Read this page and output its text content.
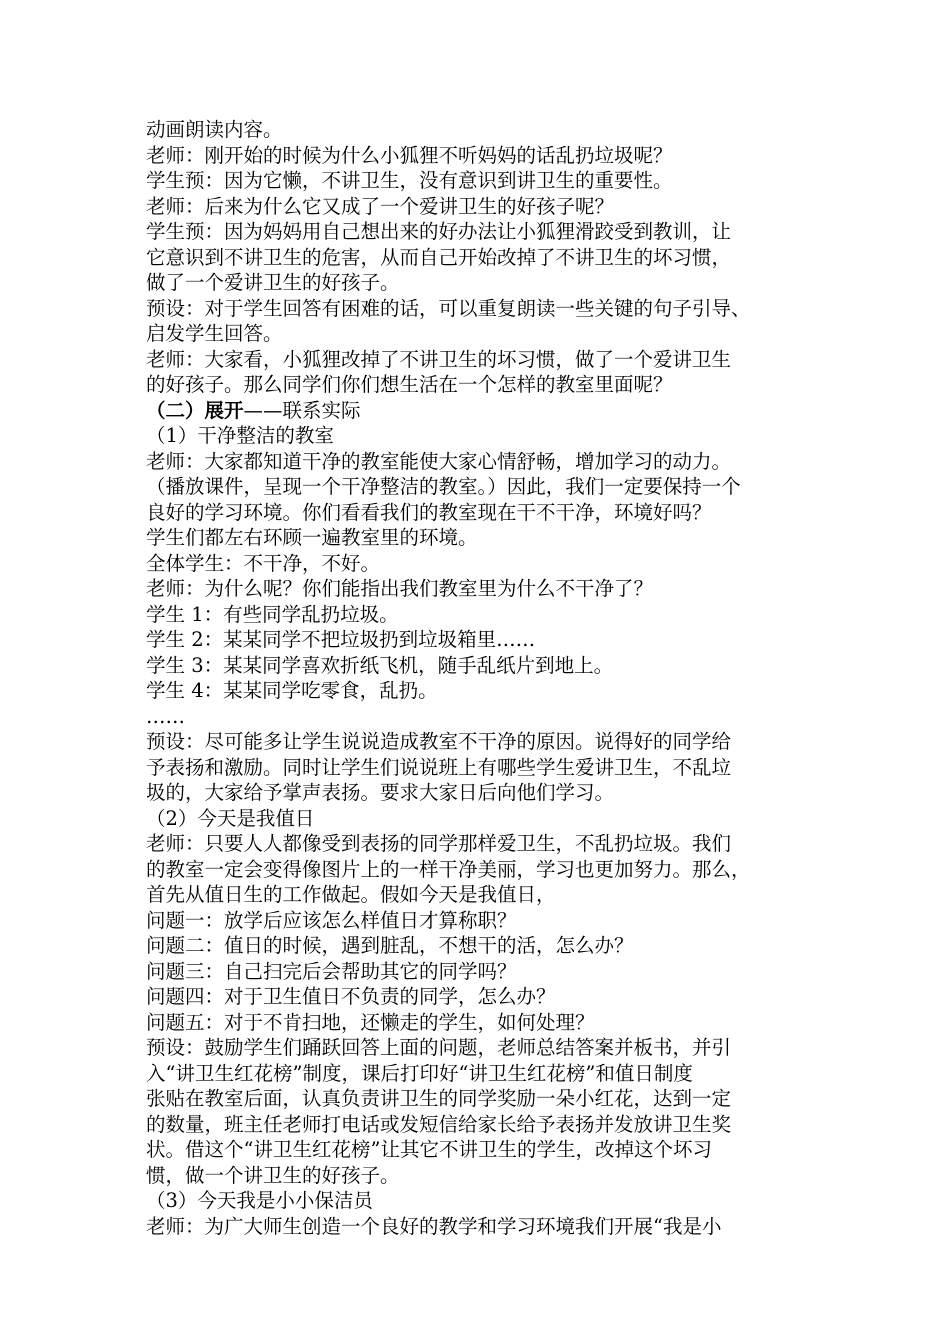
动画朗读内容。
老师：刚开始的时候为什么小狐狸不听妈妈的话乱扔垃圾呢？
学生预：因为它懒，不讲卫生，没有意识到讲卫生的重要性。
老师：后来为什么它又成了一个爱讲卫生的好孩子呢？
学生预：因为妈妈用自己想出来的好办法让小狐狸滑跤受到教训，让
它意识到不讲卫生的危害，从而自己开始改掉了不讲卫生的坏习惯，
做了一个爱讲卫生的好孩子。
预设：对于学生回答有困难的话，可以重复朗读一些关键的句子引导、
启发学生回答。
老师：大家看，小狐狸改掉了不讲卫生的坏习惯，做了一个爱讲卫生
的好孩子。那么同学们你们想生活在一个怎样的教室里面呢？
（二）展开——联系实际
（1）干净整洁的教室
老师：大家都知道干净的教室能使大家心情舒畅，增加学习的动力。
（播放课件，呈现一个干净整洁的教室。）因此，我们一定要保持一个
良好的学习环境。你们看看我们的教室现在干不干净，环境好吗？
学生们都左右环顾一遍教室里的环境。
全体学生：不干净，不好。
老师：为什么呢？你们能指出我们教室里为什么不干净了？
学生 1：有些同学乱扔垃圾。
学生 2：某某同学不把垃圾扔到垃圾箱里……
学生 3：某某同学喜欢折纸飞机，随手乱纸片到地上。
学生 4：某某同学吃零食，乱扔。
……
预设：尽可能多让学生说说造成教室不干净的原因。说得好的同学给
予表扬和激励。同时让学生们说说班上有哪些学生爱讲卫生，不乱垃
圾的，大家给予掌声表扬。要求大家日后向他们学习。
（2）今天是我值日
老师：只要人人都像受到表扬的同学那样爱卫生，不乱扔垃圾。我们
的教室一定会变得像图片上的一样干净美丽，学习也更加努力。那么，
首先从值日生的工作做起。假如今天是我值日，
问题一：放学后应该怎么样值日才算称职？
问题二：值日的时候，遇到脏乱，不想干的活，怎么办？
问题三：自己扫完后会帮助其它的同学吗？
问题四：对于卫生值日不负责的同学，怎么办？
问题五：对于不肯扫地，还懒走的学生，如何处理？
预设：鼓励学生们踊跃回答上面的问题，老师总结答案并板书，并引
入“讲卫生红花榜”制度，课后打印好“讲卫生红花榜”和值日制度
张贴在教室后面，认真负责讲卫生的同学奖励一朵小红花，达到一定
的数量，班主任老师打电话或发短信给家长给予表扬并发放讲卫生奖
状。借这个“讲卫生红花榜”让其它不讲卫生的学生，改掉这个坏习
惯，做一个讲卫生的好孩子。
（3）今天我是小小保洁员
老师：为广大师生创造一个良好的教学和学习环境我们开展“我是小
